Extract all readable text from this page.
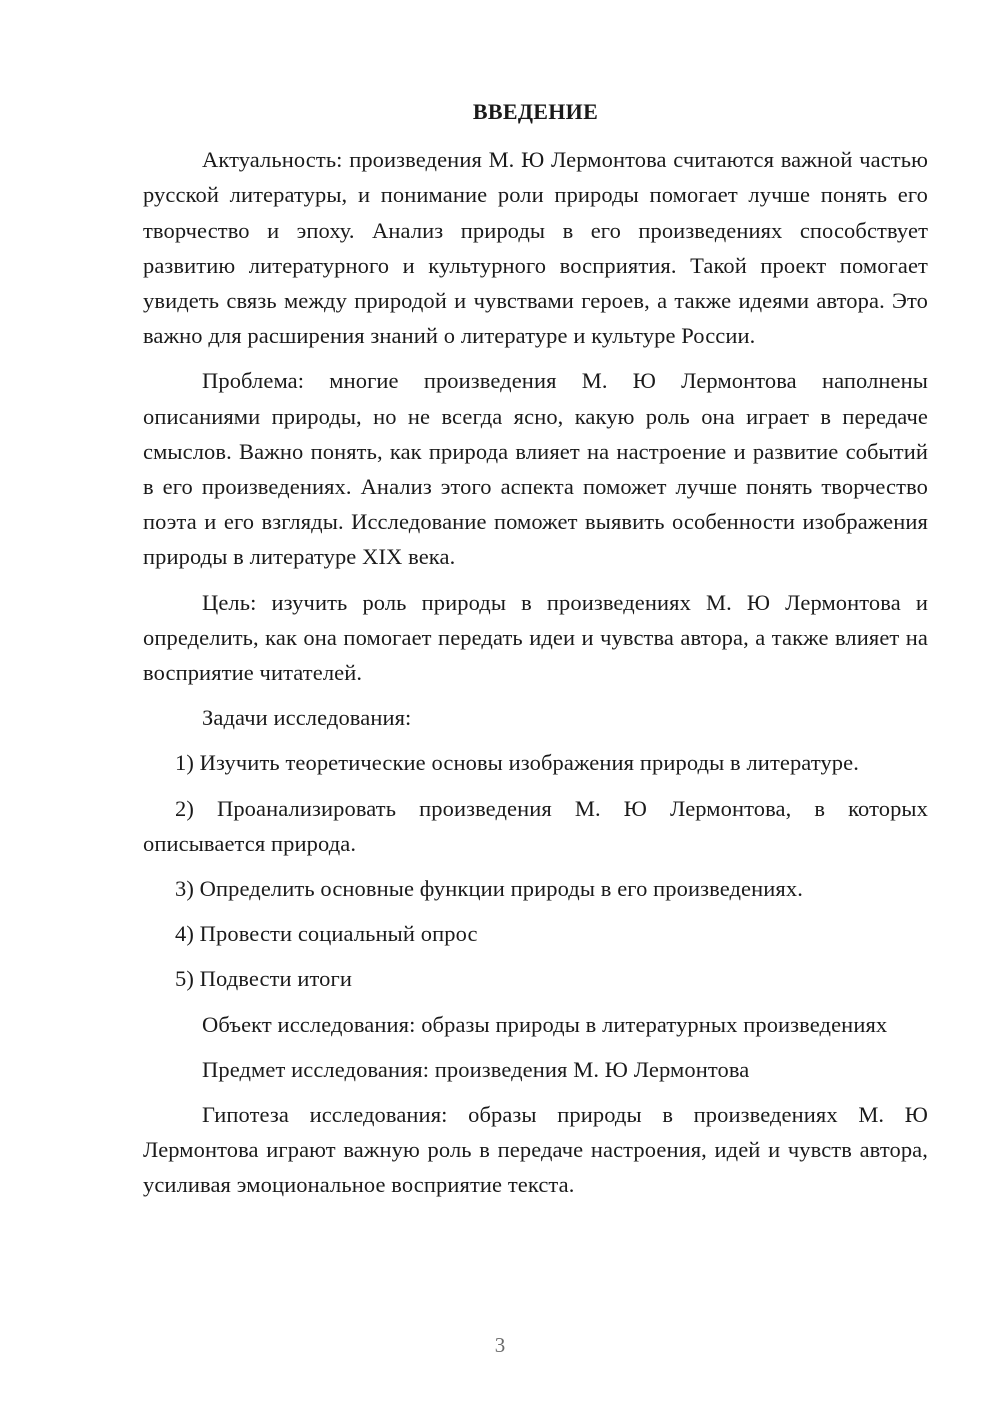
ВВЕДЕНИЕ

Актуальность: произведения М. Ю Лермонтова считаются важной частью русской литературы, и понимание роли природы помогает лучше понять его творчество и эпоху. Анализ природы в его произведениях способствует развитию литературного и культурного восприятия. Такой проект помогает увидеть связь между природой и чувствами героев, а также идеями автора. Это важно для расширения знаний о литературе и культуре России.

Проблема: многие произведения М. Ю Лермонтова наполнены описаниями природы, но не всегда ясно, какую роль она играет в передаче смыслов. Важно понять, как природа влияет на настроение и развитие событий в его произведениях. Анализ этого аспекта поможет лучше понять творчество поэта и его взгляды. Исследование поможет выявить особенности изображения природы в литературе XIX века.

Цель: изучить роль природы в произведениях М. Ю Лермонтова и определить, как она помогает передать идеи и чувства автора, а также влияет на восприятие читателей.

Задачи исследования:

1) Изучить теоретические основы изображения природы в литературе.

2) Проанализировать произведения М. Ю Лермонтова, в которых описывается природа.

3) Определить основные функции природы в его произведениях.

4) Провести социальный опрос

5) Подвести итоги

Объект исследования: образы природы в литературных произведениях

Предмет исследования: произведения М. Ю Лермонтова

Гипотеза исследования: образы природы в произведениях М. Ю Лермонтова играют важную роль в передаче настроения, идей и чувств автора, усиливая эмоциональное восприятие текста.

3
